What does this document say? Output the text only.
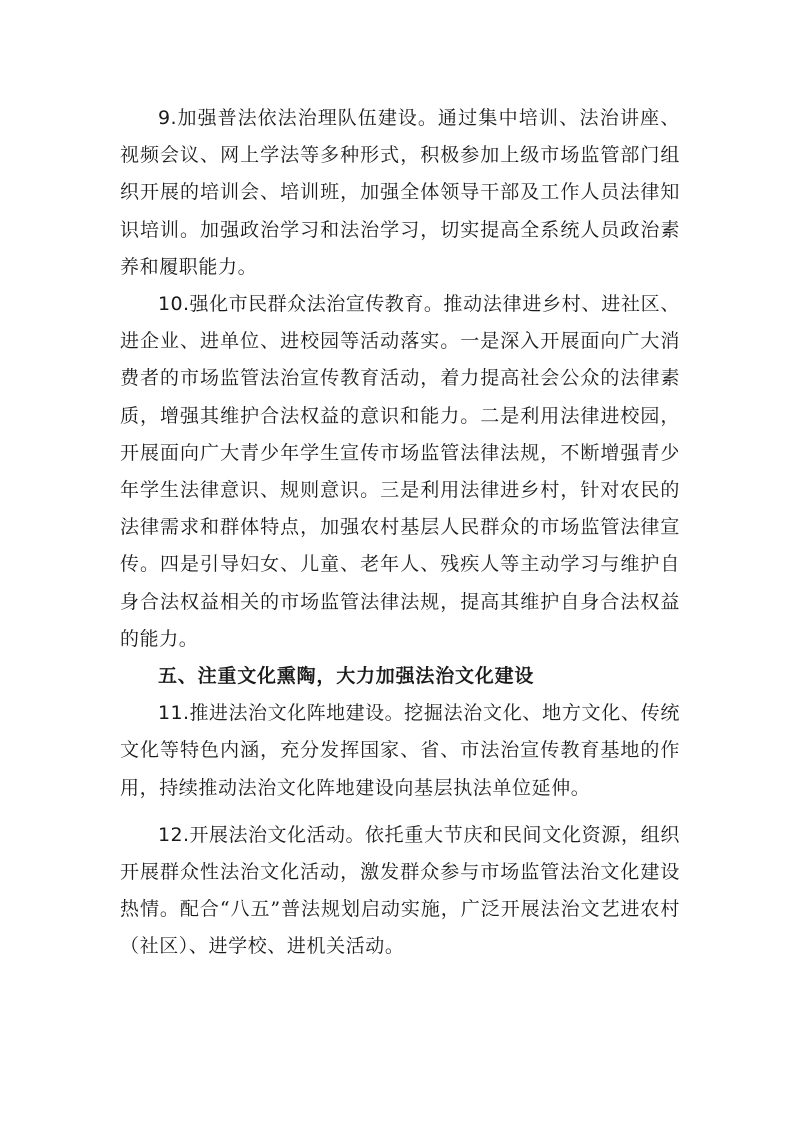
9.加强普法依法治理队伍建设。通过集中培训、法治讲座、视频会议、网上学法等多种形式，积极参加上级市场监管部门组织开展的培训会、培训班，加强全体领导干部及工作人员法律知识培训。加强政治学习和法治学习，切实提高全系统人员政治素养和履职能力。

10.强化市民群众法治宣传教育。推动法律进乡村、进社区、进企业、进单位、进校园等活动落实。一是深入开展面向广大消费者的市场监管法治宣传教育活动，着力提高社会公众的法律素质，增强其维护合法权益的意识和能力。二是利用法律进校园，开展面向广大青少年学生宣传市场监管法律法规，不断增强青少年学生法律意识、规则意识。三是利用法律进乡村，针对农民的法律需求和群体特点，加强农村基层人民群众的市场监管法律宣传。四是引导妇女、儿童、老年人、残疾人等主动学习与维护自身合法权益相关的市场监管法律法规，提高其维护自身合法权益的能力。

五、注重文化熏陶，大力加强法治文化建设

11.推进法治文化阵地建设。挖掘法治文化、地方文化、传统文化等特色内涵，充分发挥国家、省、市法治宣传教育基地的作用，持续推动法治文化阵地建设向基层执法单位延伸。

12.开展法治文化活动。依托重大节庆和民间文化资源，组织开展群众性法治文化活动，激发群众参与市场监管法治文化建设热情。配合“八五”普法规划启动实施，广泛开展法治文艺进农村（社区）、进学校、进机关活动。
